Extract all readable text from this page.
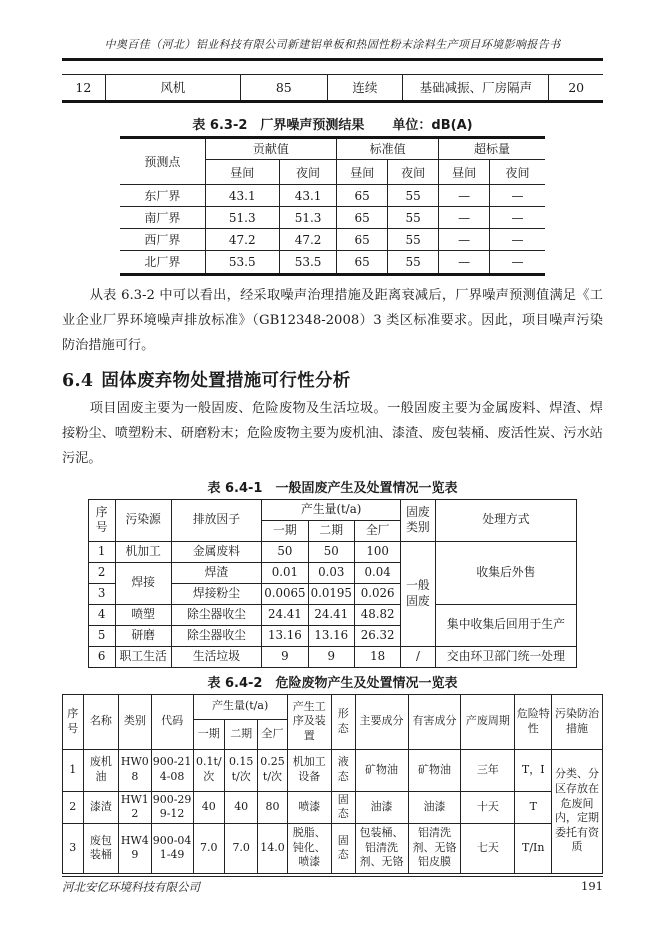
中奥百佳（河北）铝业科技有限公司新建铝单板和热固性粉末涂料生产项目环境影响报告书
12	风机	85	连续	基础减振、厂房隔声	20
表 6.3-2 厂界噪声预测结果 单位：dB(A)
预测点	贡献值		标准值		超标量	
	昼间	夜间	昼间	夜间	昼间	夜间
东厂界	43.1	43.1	65	55	—	—
南厂界	51.3	51.3	65	55	—	—
西厂界	47.2	47.2	65	55	—	—
北厂界	53.5	53.5	65	55	—	—

从表 6.3-2 中可以看出，经采取噪声治理措施及距离衰减后，厂界噪声预测值满足《工业企业厂界环境噪声排放标准》（GB12348-2008）3 类区标准要求。因此，项目噪声污染防治措施可行。

6.4 固体废弃物处置措施可行性分析

项目固废主要为一般固废、危险废物及生活垃圾。一般固废主要为金属废料、焊渣、焊接粉尘、喷塑粉末、研磨粉末；危险废物主要为废机油、漆渣、废包装桶、废活性炭、污水站污泥。

表 6.4-1 一般固废产生及处置情况一览表
序号	污染源	排放因子	产生量(t/a)			固废类别	处理方式
			一期	二期	全厂		
1	机加工	金属废料	50	50	100	一般固废	收集后外售
2	焊接	焊渣	0.01	0.03	0.04		
3		焊接粉尘	0.0065	0.0195	0.026		
4	喷塑	除尘器收尘	24.41	24.41	48.82		集中收集后回用于生产
5	研磨	除尘器收尘	13.16	13.16	26.32		
6	职工生活	生活垃圾	9	9	18	/	交由环卫部门统一处理
表 6.4-2 危险废物产生及处置情况一览表
序号	名称	类别	代码	产生量(t/a)			产生工序及装置	形态	主要成分	有害成分	产废周期	危险特性	污染防治措施
				一期	二期	全厂							
1	废机油	HW08	900-214-08	0.1t/次	0.15t/次	0.25t/次	机加工设备	液态	矿物油	矿物油	三年	T，I	分类、分区存放在危废间内，定期委托有资质
2	漆渣	HW12	900-299-12	40	40	80	喷漆	固态	油漆	油漆	十天	T	
3	废包装桶	HW49	900-041-49	7.0	7.0	14.0	脱脂、钝化、喷漆	固态	包装桶、铝清洗剂、无铬	铝清洗剂、无铬铝皮膜	七天	T/In	
河北安亿环境科技有限公司	191
